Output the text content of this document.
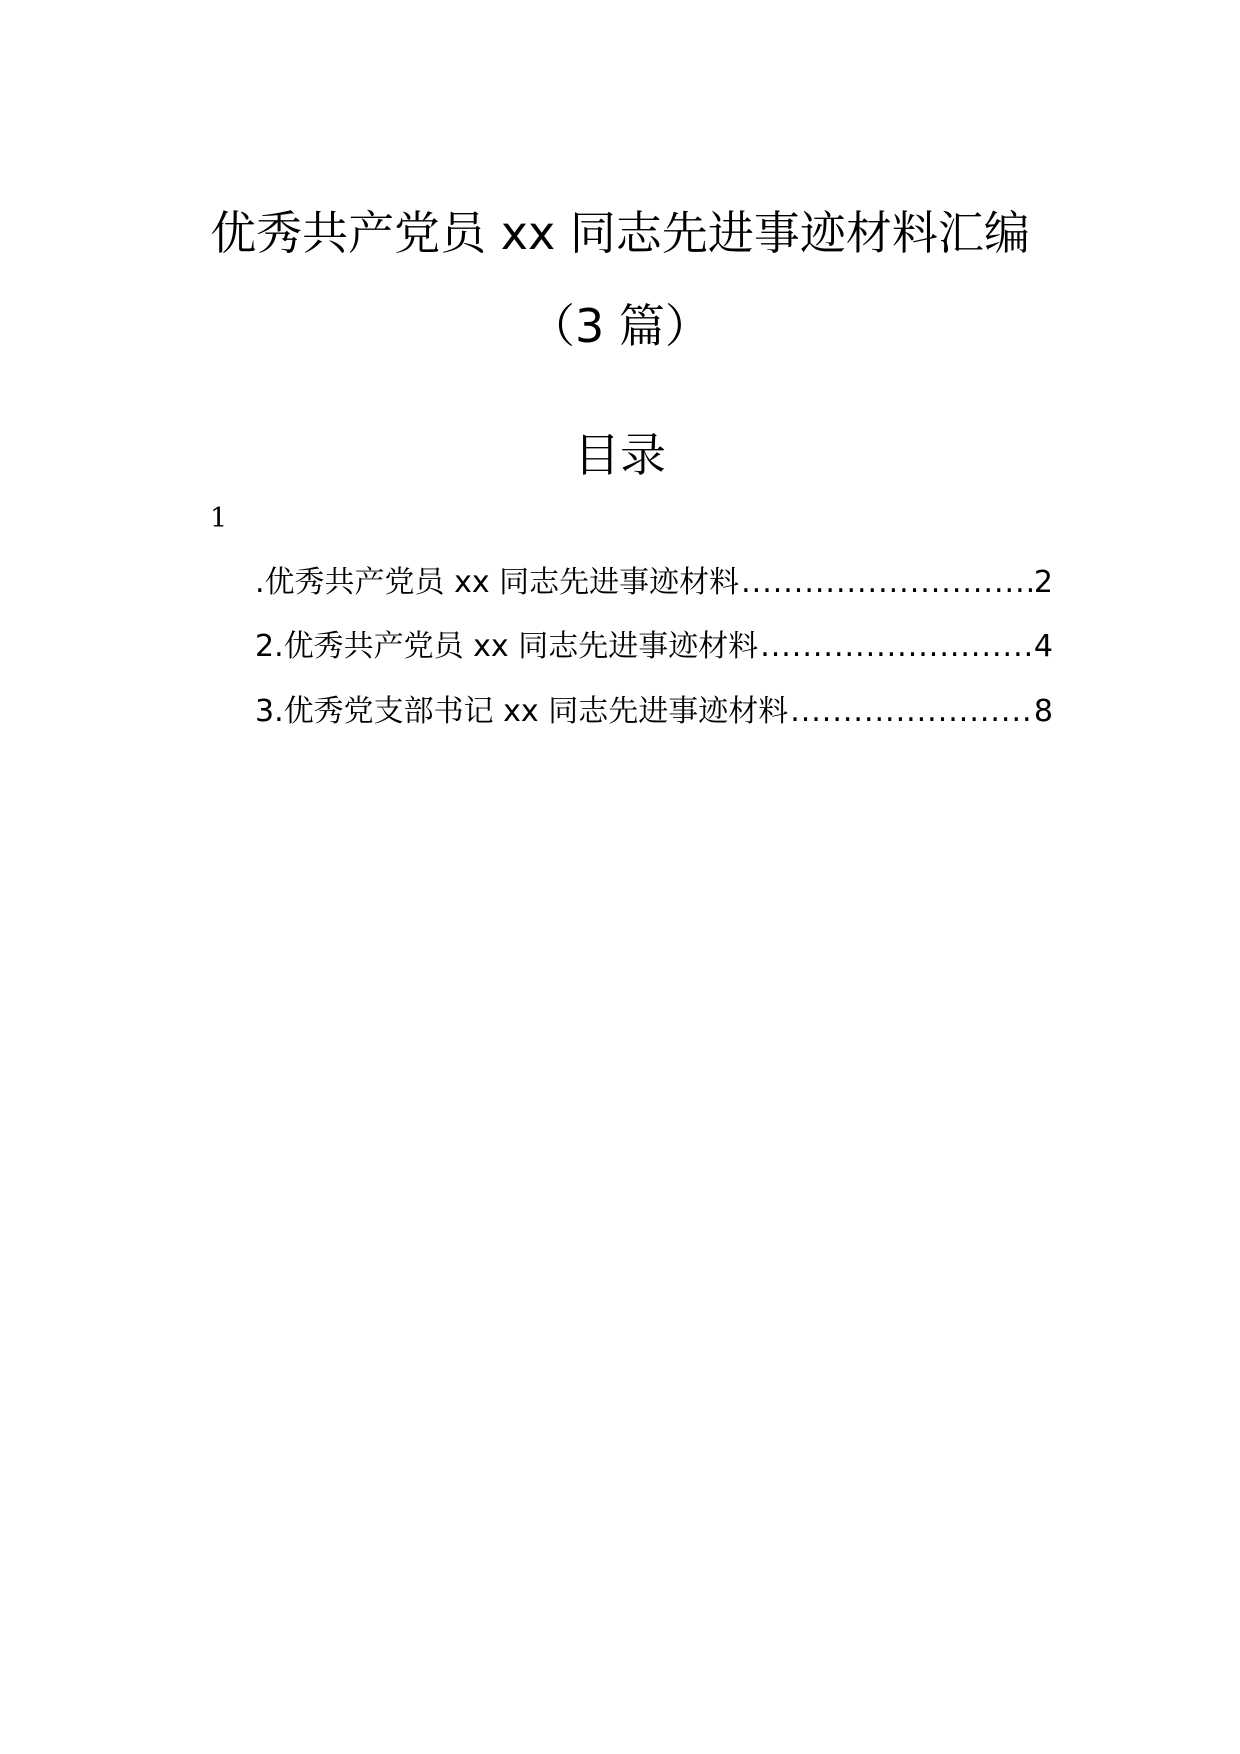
优秀共产党员 xx 同志先进事迹材料汇编
（3 篇）
目录
1
.优秀共产党员 xx 同志先进事迹材料 .....	2
2.优秀共产党员 xx 同志先进事迹材料 .....	4
3.优秀党支部书记 xx 同志先进事迹材料 .....	8
